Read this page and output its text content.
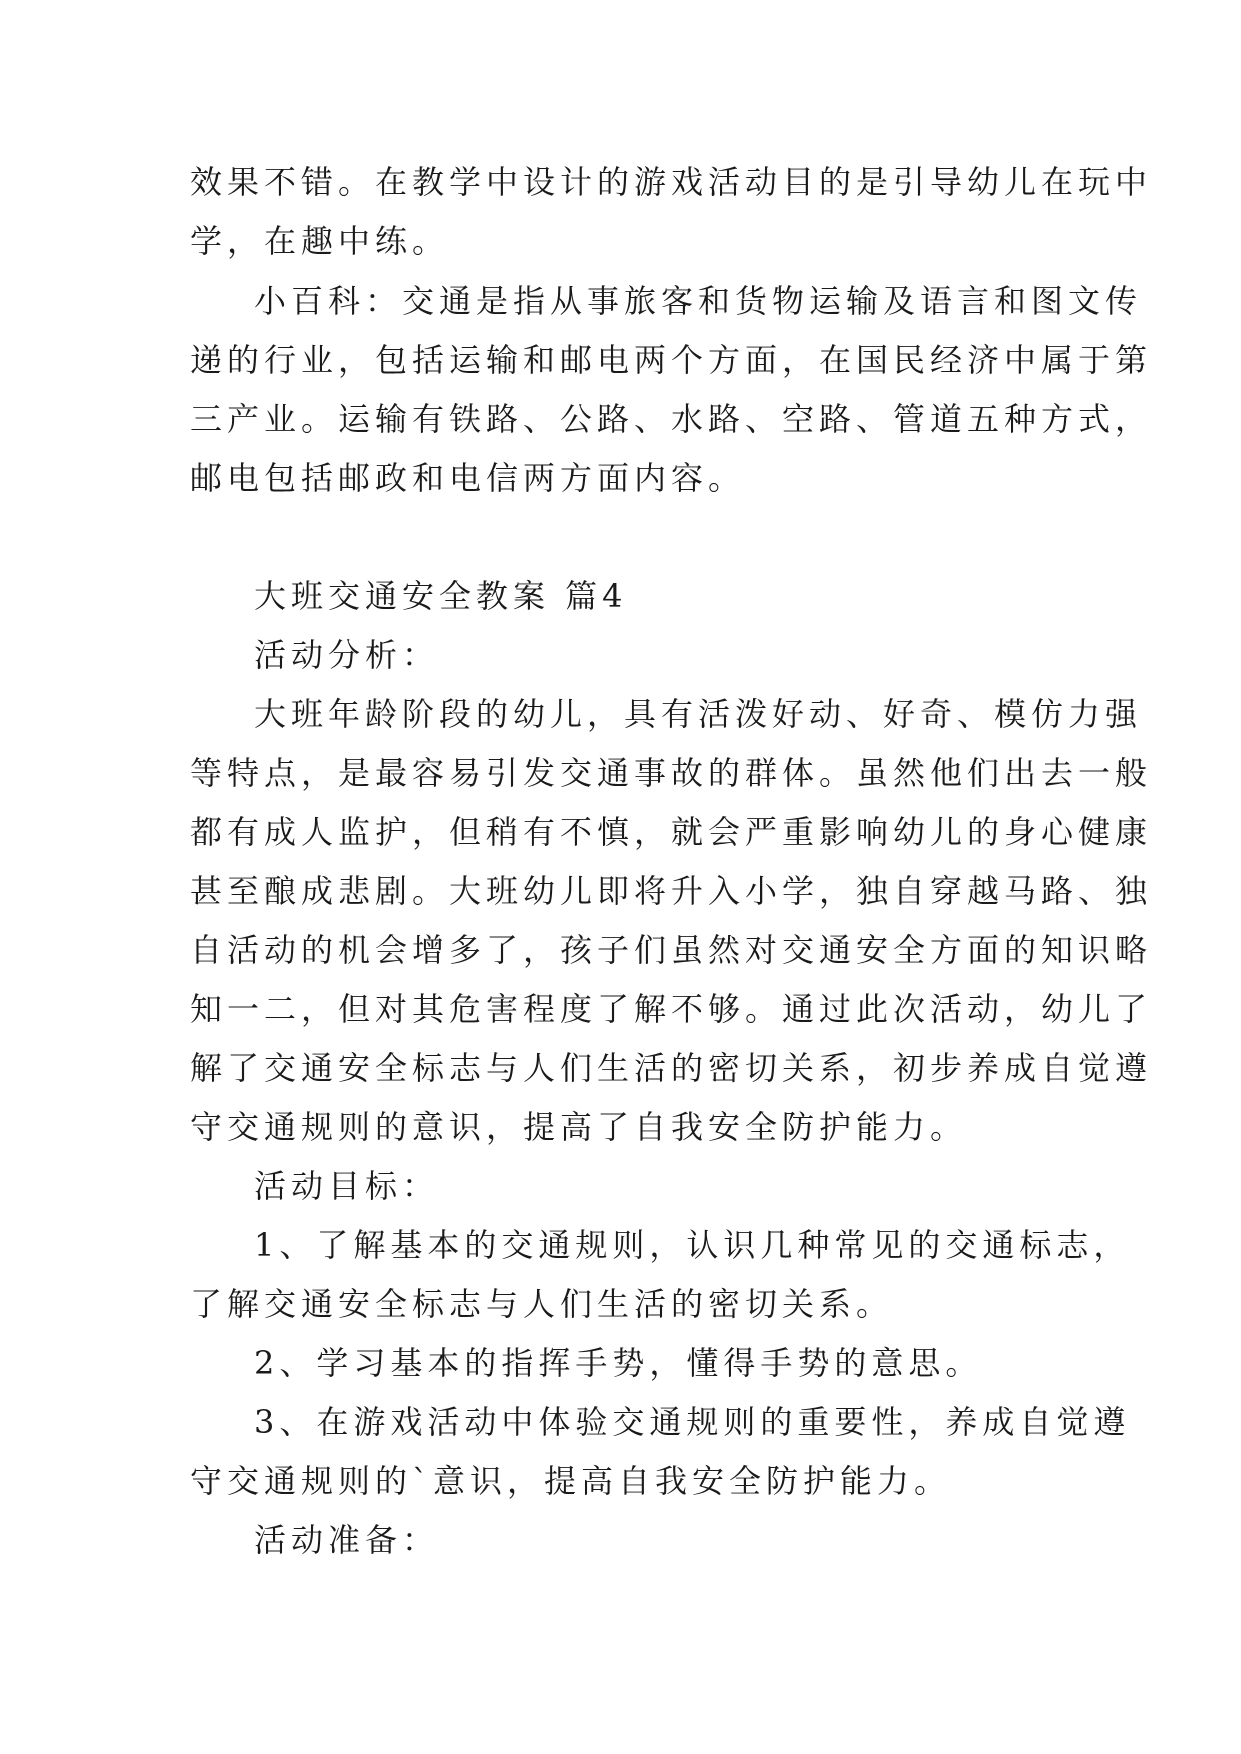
效果不错。在教学中设计的游戏活动目的是引导幼儿在玩中
学，在趣中练。
小百科：交通是指从事旅客和货物运输及语言和图文传
递的行业，包括运输和邮电两个方面，在国民经济中属于第
三产业。运输有铁路、公路、水路、空路、管道五种方式，
邮电包括邮政和电信两方面内容。
大班交通安全教案 篇4
活动分析：
大班年龄阶段的幼儿，具有活泼好动、好奇、模仿力强
等特点，是最容易引发交通事故的群体。虽然他们出去一般
都有成人监护，但稍有不慎，就会严重影响幼儿的身心健康
甚至酿成悲剧。大班幼儿即将升入小学，独自穿越马路、独
自活动的机会增多了，孩子们虽然对交通安全方面的知识略
知一二，但对其危害程度了解不够。通过此次活动，幼儿了
解了交通安全标志与人们生活的密切关系，初步养成自觉遵
守交通规则的意识，提高了自我安全防护能力。
活动目标：
1、了解基本的交通规则，认识几种常见的交通标志，
了解交通安全标志与人们生活的密切关系。
2、学习基本的指挥手势，懂得手势的意思。
3、在游戏活动中体验交通规则的重要性，养成自觉遵
守交通规则的`意识，提高自我安全防护能力。
活动准备：
